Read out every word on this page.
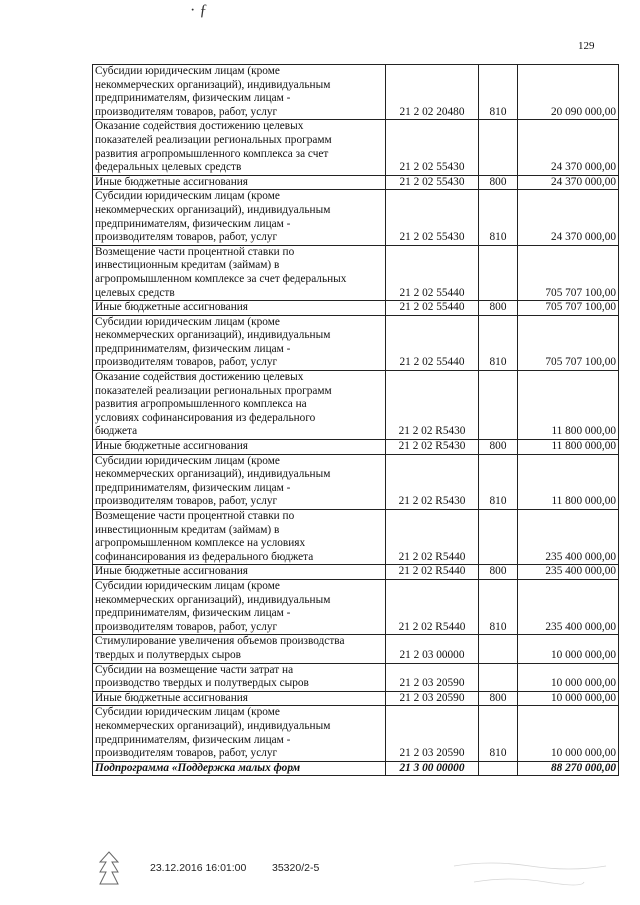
· ƒ
129
Субсидии юридическим лицам (кроме
некоммерческих организаций), индивидуальным
предпринимателям, физическим лицам -
производителям товаров, работ, услуг	21 2 02 20480	810	20 090 000,00

Оказание содействия достижению целевых
показателей реализации региональных программ
развития агропромышленного комплекса за счет
федеральных целевых средств	21 2 02 55430		24 370 000,00

Иные бюджетные ассигнования	21 2 02 55430	800	24 370 000,00

Субсидии юридическим лицам (кроме
некоммерческих организаций), индивидуальным
предпринимателям, физическим лицам -
производителям товаров, работ, услуг	21 2 02 55430	810	24 370 000,00

Возмещение части процентной ставки по
инвестиционным кредитам (займам) в
агропромышленном комплексе за счет федеральных
целевых средств	21 2 02 55440		705 707 100,00

Иные бюджетные ассигнования	21 2 02 55440	800	705 707 100,00

Субсидии юридическим лицам (кроме
некоммерческих организаций), индивидуальным
предпринимателям, физическим лицам -
производителям товаров, работ, услуг	21 2 02 55440	810	705 707 100,00

Оказание содействия достижению целевых
показателей реализации региональных программ
развития агропромышленного комплекса на
условиях софинансирования из федерального
бюджета	21 2 02 R5430		11 800 000,00

Иные бюджетные ассигнования	21 2 02 R5430	800	11 800 000,00

Субсидии юридическим лицам (кроме
некоммерческих организаций), индивидуальным
предпринимателям, физическим лицам -
производителям товаров, работ, услуг	21 2 02 R5430	810	11 800 000,00

Возмещение части процентной ставки по
инвестиционным кредитам (займам) в
агропромышленном комплексе на условиях
софинансирования из федерального бюджета	21 2 02 R5440		235 400 000,00

Иные бюджетные ассигнования	21 2 02 R5440	800	235 400 000,00

Субсидии юридическим лицам (кроме
некоммерческих организаций), индивидуальным
предпринимателям, физическим лицам -
производителям товаров, работ, услуг	21 2 02 R5440	810	235 400 000,00

Стимулирование увеличения объемов производства
твердых и полутвердых сыров	21 2 03 00000		10 000 000,00

Субсидии на возмещение части затрат на
производство твердых и полутвердых сыров	21 2 03 20590		10 000 000,00

Иные бюджетные ассигнования	21 2 03 20590	800	10 000 000,00

Субсидии юридическим лицам (кроме
некоммерческих организаций), индивидуальным
предпринимателям, физическим лицам -
производителям товаров, работ, услуг	21 2 03 20590	810	10 000 000,00

Подпрограмма «Поддержка малых форм	21 3 00 00000		88 270 000,00
23.12.2016 16:01:00 35320/2-5
